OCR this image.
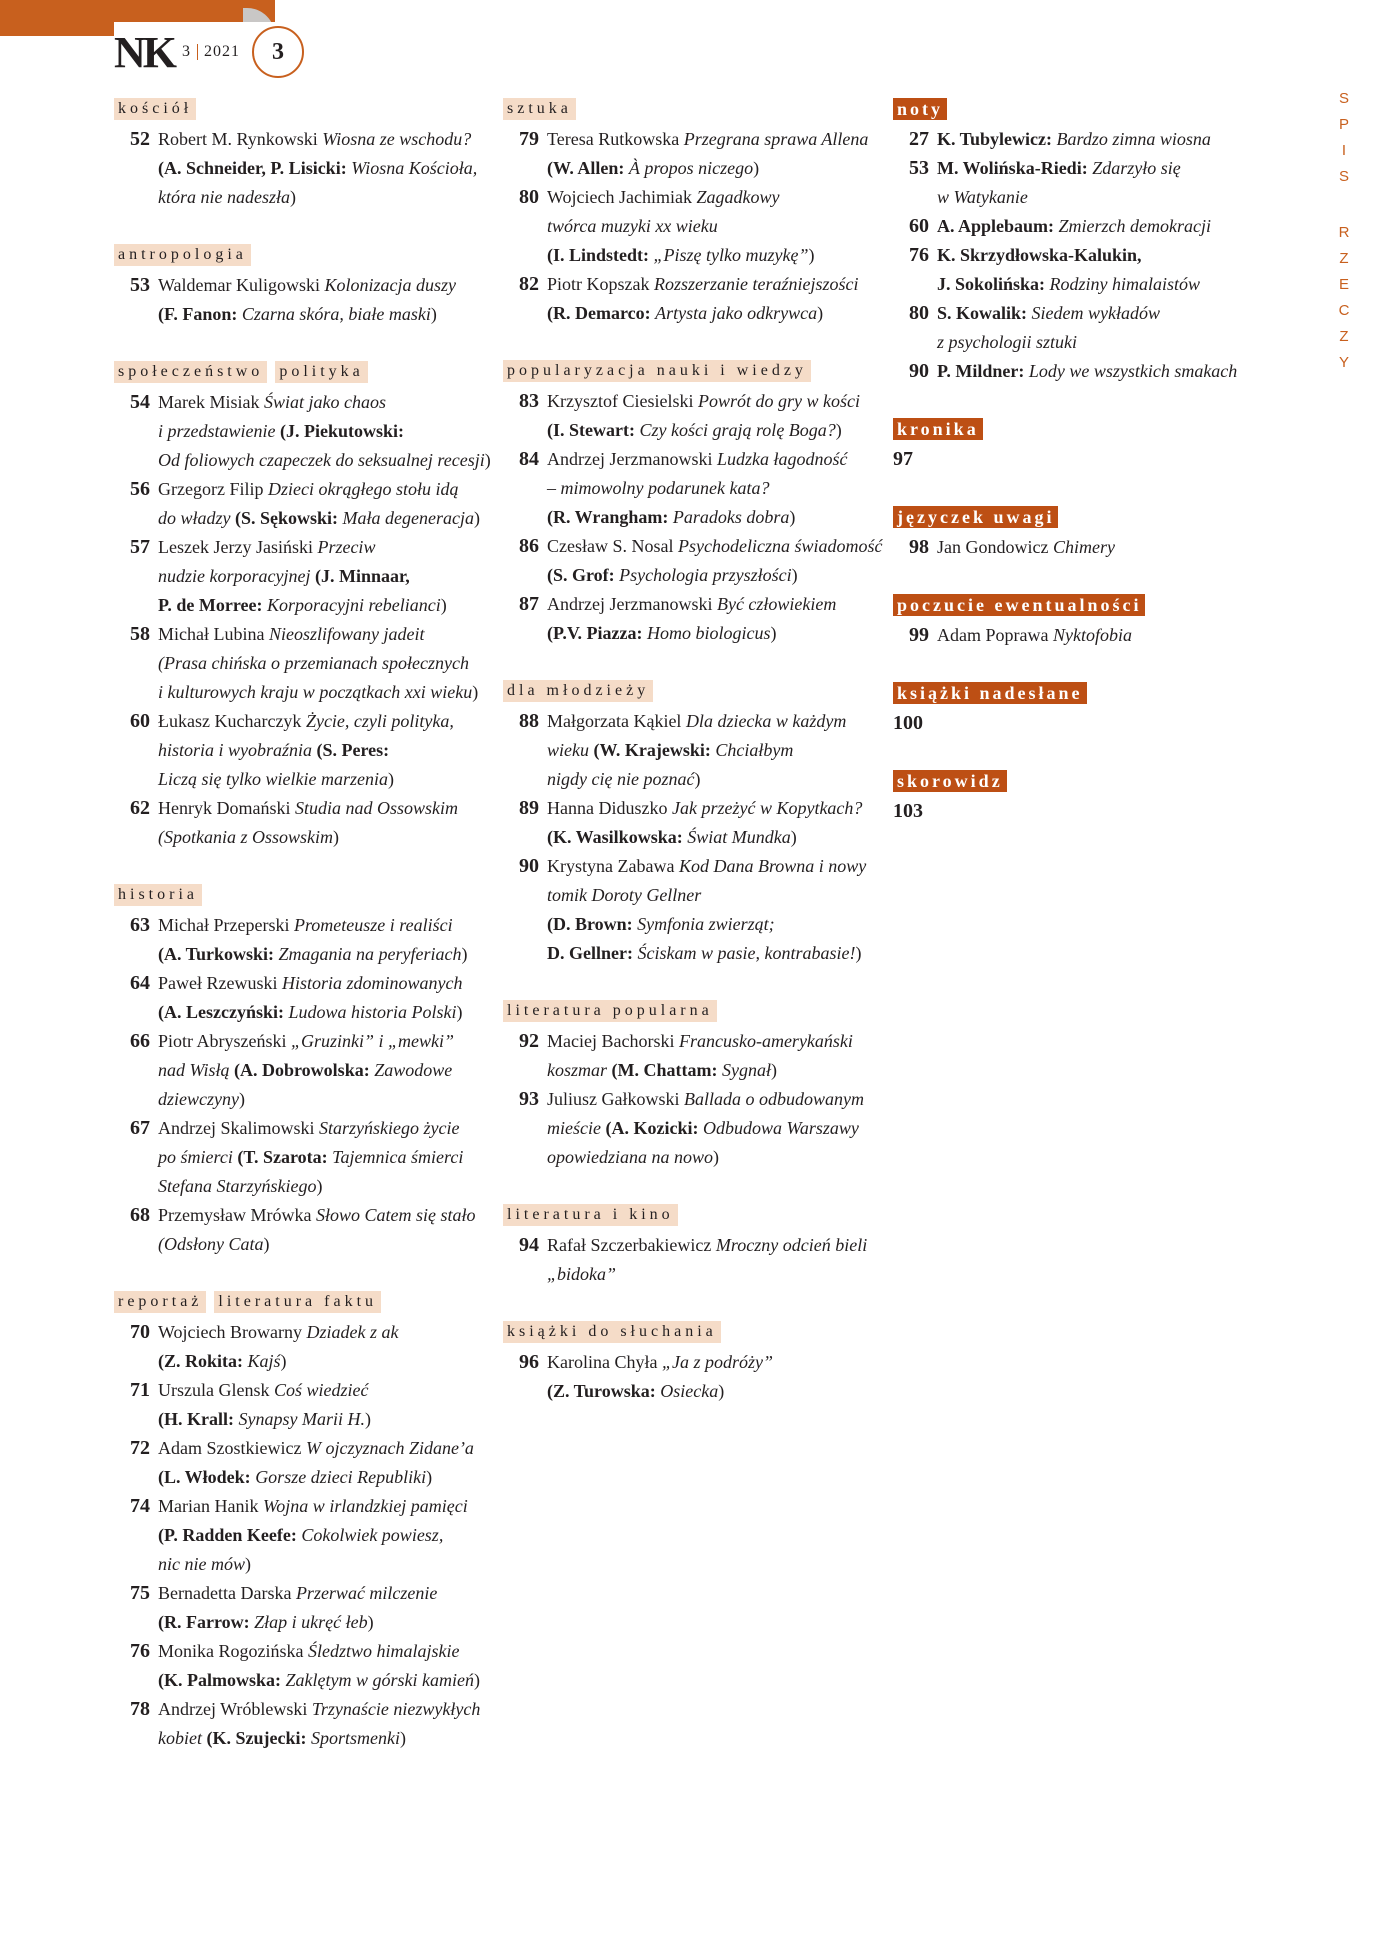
NK 3 2021	3
S
P
I
S
R
Z
E
C
Z
Y
kościół
52 Robert M. Rynkowski Wiosna ze wschodu?
(A. Schneider, P. Lisicki: Wiosna Kościoła,
która nie nadeszła)
antropologia
53 Waldemar Kuligowski Kolonizacja duszy
(F. Fanon: Czarna skóra, białe maski)
społeczeństwo polityka
54 Marek Misiak Świat jako chaos
i przedstawienie (J. Piekutowski:
Od foliowych czapeczek do seksualnej recesji)
56 Grzegorz Filip Dzieci okrągłego stołu idą
do władzy (S. Sękowski: Mała degeneracja)
57 Leszek Jerzy Jasiński Przeciw
nudzie korporacyjnej (J. Minnaar,
P. de Morree: Korporacyjni rebelianci)
58 Michał Lubina Nieoszlifowany jadeit
(Prasa chińska o przemianach społecznych
i kulturowych kraju w początkach xxi wieku)
60 Łukasz Kucharczyk Życie, czyli polityka,
historia i wyobraźnia (S. Peres:
Liczą się tylko wielkie marzenia)
62 Henryk Domański Studia nad Ossowskim
(Spotkania z Ossowskim)
historia
63 Michał Przeperski Prometeusze i realiści
(A. Turkowski: Zmagania na peryferiach)
64 Paweł Rzewuski Historia zdominowanych
(A. Leszczyński: Ludowa historia Polski)
66 Piotr Abryszeński „Gruzinki” i „mewki”
nad Wisłą (A. Dobrowolska: Zawodowe
dziewczyny)
67 Andrzej Skalimowski Starzyńskiego życie
po śmierci (T. Szarota: Tajemnica śmierci
Stefana Starzyńskiego)
68 Przemysław Mrówka Słowo Catem się stało
(Odsłony Cata)
reportaż literatura faktu
70 Wojciech Browarny Dziadek z ak
(Z. Rokita: Kajś)
71 Urszula Glensk Coś wiedzieć
(H. Krall: Synapsy Marii H.)
72 Adam Szostkiewicz W ojczyznach Zidane’a
(L. Włodek: Gorsze dzieci Republiki)
74 Marian Hanik Wojna w irlandzkiej pamięci
(P. Radden Keefe: Cokolwiek powiesz,
nic nie mów)
75 Bernadetta Darska Przerwać milczenie
(R. Farrow: Złap i ukręć łeb)
76 Monika Rogozińska Śledztwo himalajskie
(K. Palmowska: Zaklętym w górski kamień)
78 Andrzej Wróblewski Trzynaście niezwykłych
kobiet (K. Szujecki: Sportsmenki)
sztuka
79 Teresa Rutkowska Przegrana sprawa Allena
(W. Allen: À propos niczego)
80 Wojciech Jachimiak Zagadkowy
twórca muzyki xx wieku
(I. Lindstedt: „Piszę tylko muzykę”)
82 Piotr Kopszak Rozszerzanie teraźniejszości
(R. Demarco: Artysta jako odkrywca)
popularyzacja nauki i wiedzy
83 Krzysztof Ciesielski Powrót do gry w kości
(I. Stewart: Czy kości grają rolę Boga?)
84 Andrzej Jerzmanowski Ludzka łagodność
– mimowolny podarunek kata?
(R. Wrangham: Paradoks dobra)
86 Czesław S. Nosal Psychodeliczna świadomość
(S. Grof: Psychologia przyszłości)
87 Andrzej Jerzmanowski Być człowiekiem
(P.V. Piazza: Homo biologicus)
dla młodzieży
88 Małgorzata Kąkiel Dla dziecka w każdym
wieku (W. Krajewski: Chciałbym
nigdy cię nie poznać)
89 Hanna Diduszko Jak przeżyć w Kopytkach?
(K. Wasilkowska: Świat Mundka)
90 Krystyna Zabawa Kod Dana Browna i nowy
tomik Doroty Gellner
(D. Brown: Symfonia zwierząt;
D. Gellner: Ściskam w pasie, kontrabasie!)
literatura popularna
92 Maciej Bachorski Francusko-amerykański
koszmar (M. Chattam: Sygnał)
93 Juliusz Gałkowski Ballada o odbudowanym
mieście (A. Kozicki: Odbudowa Warszawy
opowiedziana na nowo)
literatura i kino
94 Rafał Szczerbakiewicz Mroczny odcień bieli
„bidoka”
książki do słuchania
96 Karolina Chyła „Ja z podróży”
(Z. Turowska: Osiecka)
noty
27 K. Tubylewicz: Bardzo zimna wiosna
53 M. Wolińska-Riedi: Zdarzyło się
w Watykanie
60 A. Applebaum: Zmierzch demokracji
76 K. Skrzydłowska-Kalukin,
J. Sokolińska: Rodziny himalaistów
80 S. Kowalik: Siedem wykładów
z psychologii sztuki
90 P. Mildner: Lody we wszystkich smakach
kronika
97
języczek uwagi
98 Jan Gondowicz Chimery
poczucie ewentualności
99 Adam Poprawa Nyktofobia
książki nadesłane
100
skorowidz
103
